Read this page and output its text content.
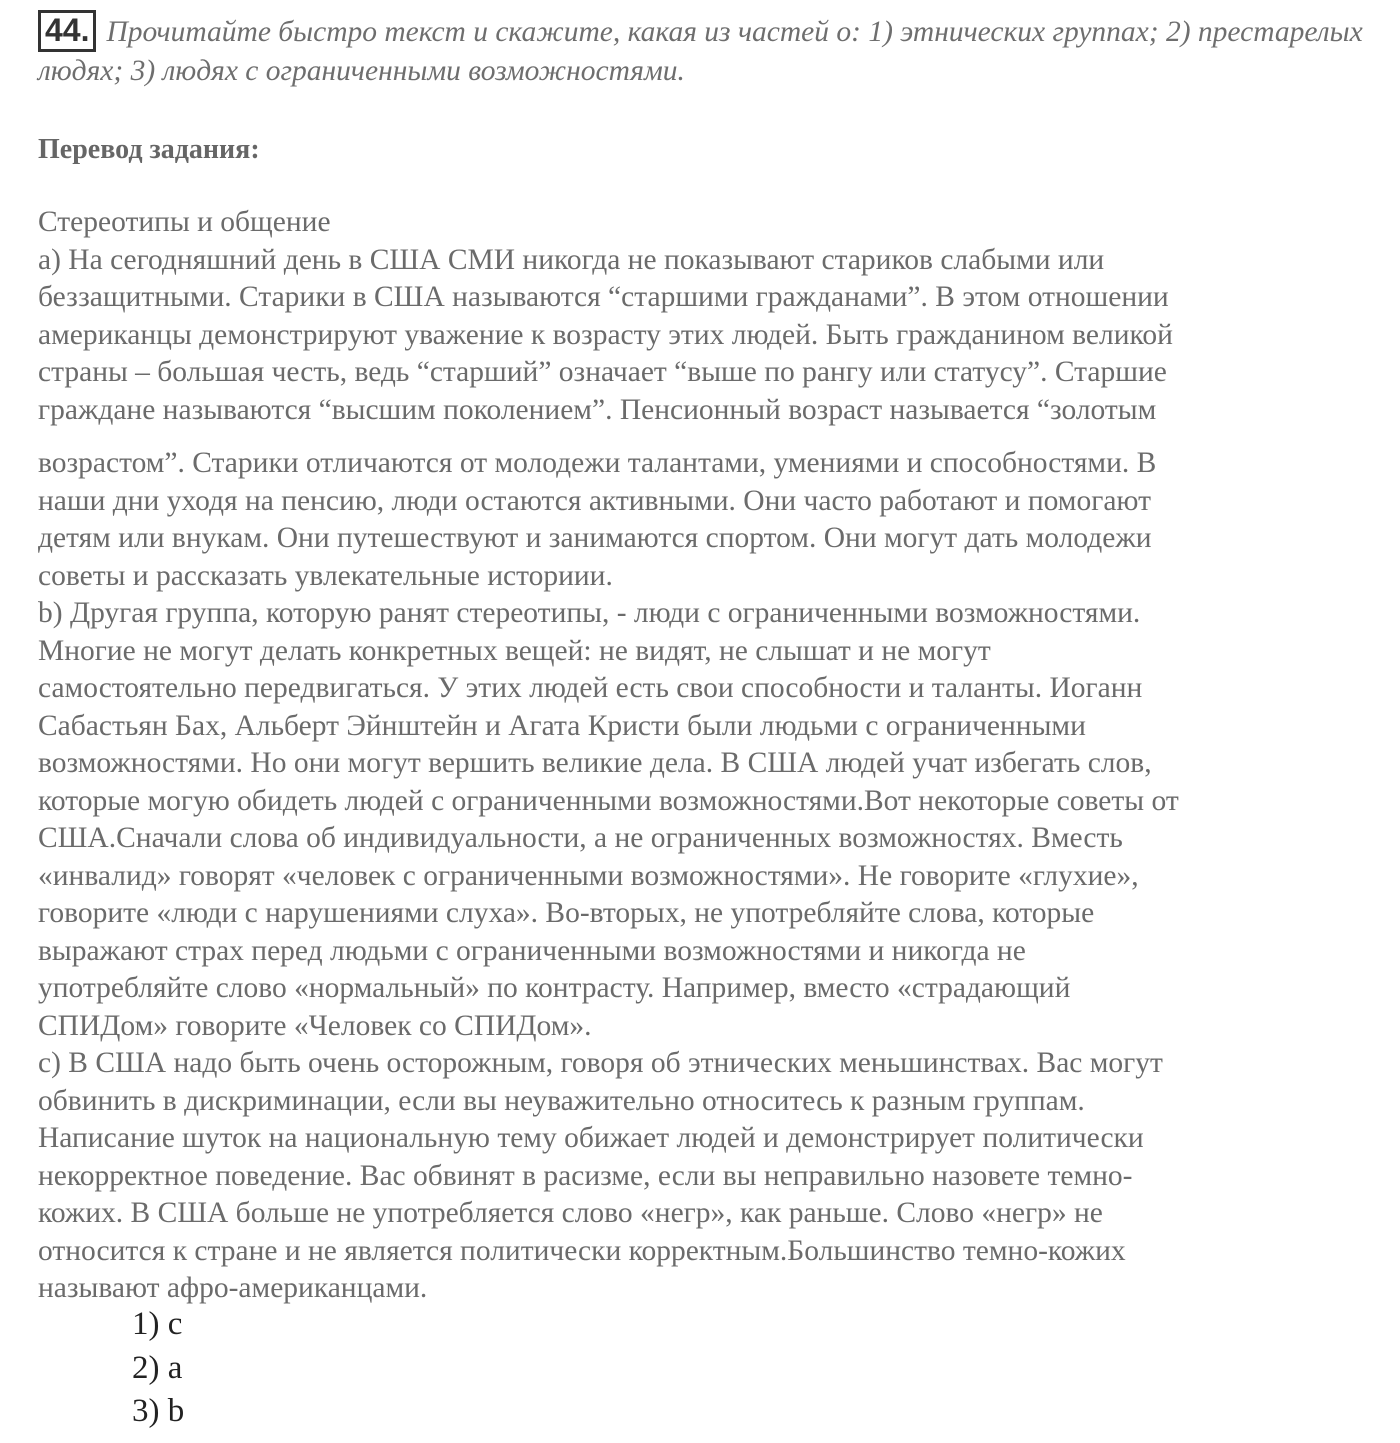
44. Прочитайте быстро текст и скажите, какая из частей о: 1) этнических группах; 2) престарелых людях; 3) людях с ограниченными возможностями.
Перевод задания:
Стереотипы и общение
a) На сегодняшний день в США СМИ никогда не показывают стариков слабыми или
беззащитными. Старики в США называются “старшими гражданами”. В этом отношении
американцы демонстрируют уважение к возрасту этих людей. Быть гражданином великой
страны – большая честь, ведь “старший” означает “выше по рангу или статусу”. Старшие
граждане называются “высшим поколением”. Пенсионный возраст называется “золотым
возрастом”. Старики отличаются от молодежи талантами, умениями и способностями. В
наши дни уходя на пенсию, люди остаются активными. Они часто работают и помогают
детям или внукам. Они путешествуют и занимаются спортом. Они могут дать молодежи
советы и рассказать увлекательные историии.
b) Другая группа, которую ранят стереотипы, - люди с ограниченными возможностями.
Многие не могут делать конкретных вещей: не видят, не слышат и не могут
самостоятельно передвигаться. У этих людей есть свои способности и таланты. Иоганн
Сабастьян Бах, Альберт Эйнштейн и Агата Кристи были людьми с ограниченными
возможностями. Но они могут вершить великие дела. В США людей учат избегать слов,
которые могую обидеть людей с ограниченными возможностями.Вот некоторые советы от
США.Сначали слова об индивидуальности, а не ограниченных возможностях. Вместь
«инвалид» говорят «человек с ограниченными возможностями». Не говорите «глухие»,
говорите «люди с нарушениями слуха». Во-вторых, не употребляйте слова, которые
выражают страх перед людьми с ограниченными возможностями и никогда не
употребляйте слово «нормальный» по контрасту. Например, вместо «страдающий
СПИДом» говорите «Человек со СПИДом».
c) В США надо быть очень осторожным, говоря об этнических меньшинствах. Вас могут
обвинить в дискриминации, если вы неуважительно относитесь к разным группам.
Написание шуток на национальную тему обижает людей и демонстрирует политически
некорректное поведение. Вас обвинят в расизме, если вы неправильно назовете темно-
кожих. В США больше не употребляется слово «негр», как раньше. Слово «негр» не
относится к стране и не является политически корректным.Большинство темно-кожих
называют афро-американцами.
1) c
2) a
3) b
